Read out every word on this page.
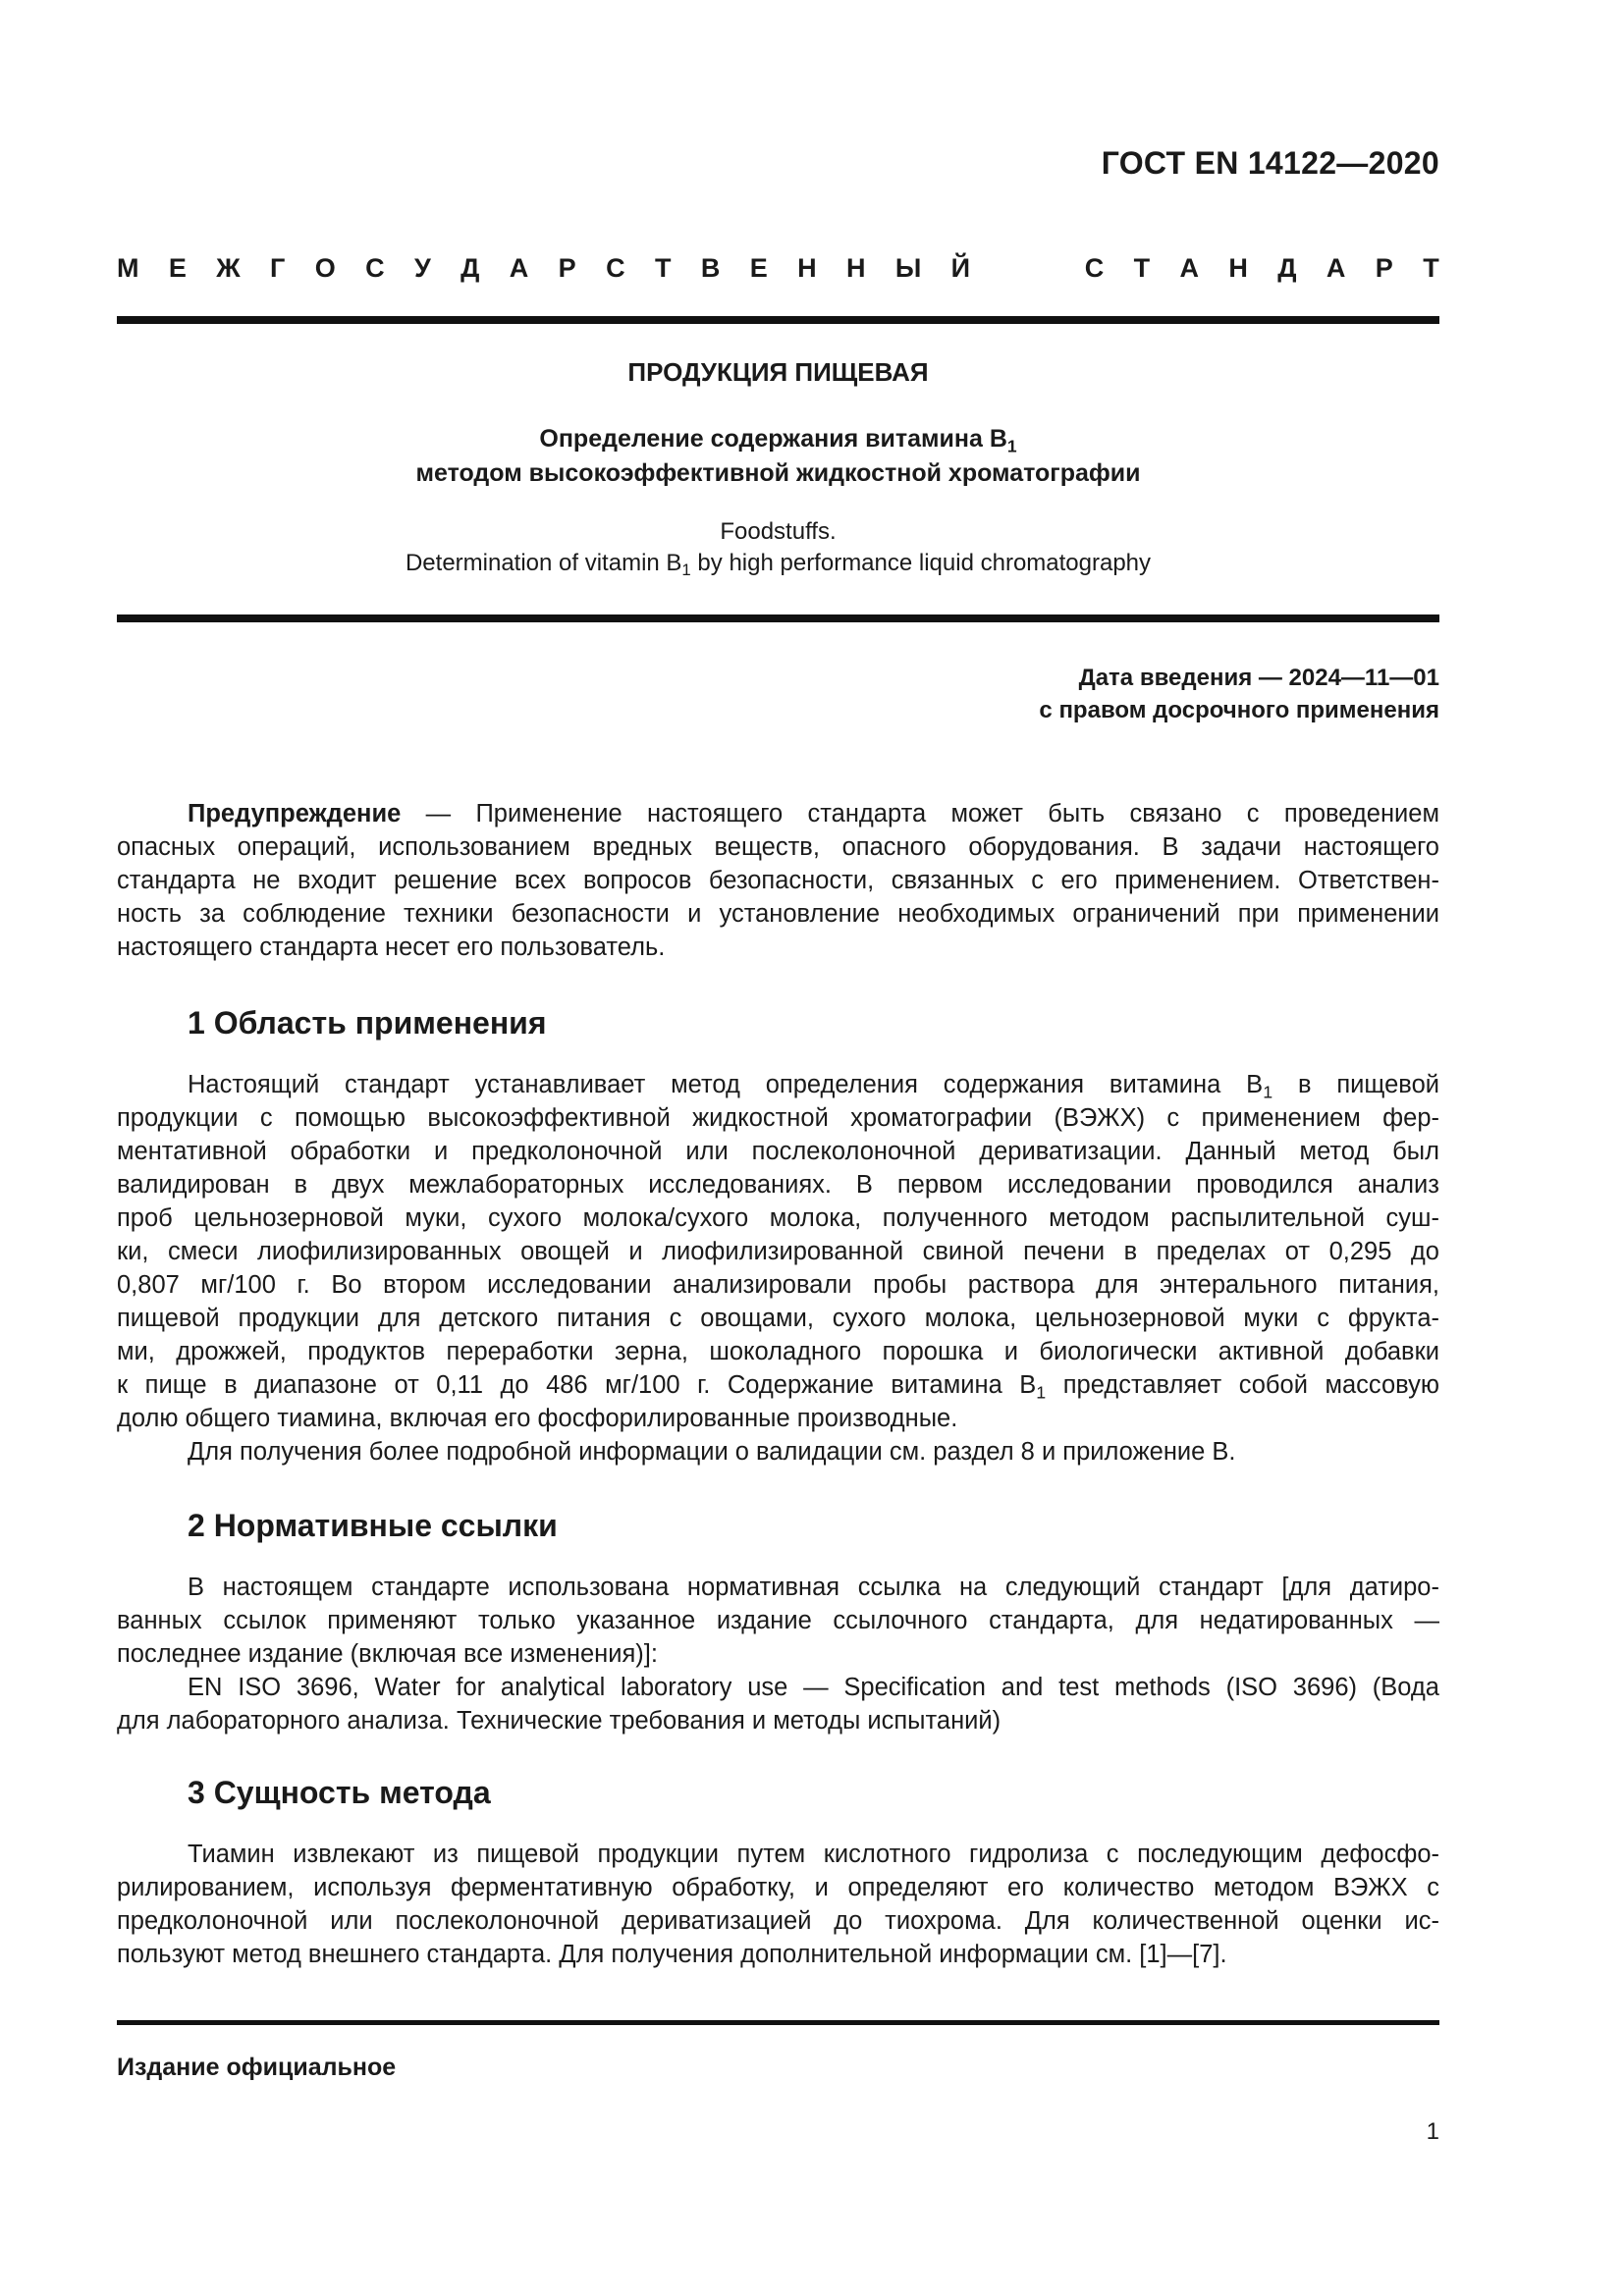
ГОСТ EN 14122—2020
М Е Ж Г О С У Д А Р С Т В Е Н Н Ы Й	С Т А Н Д А Р Т
ПРОДУКЦИЯ ПИЩЕВАЯ
Определение содержания витамина $B_1$
методом высокоэффективной жидкостной хроматографии
Foodstuffs.
Determination of vitamin $B_1$ by high performance liquid chromatography
Дата введения — 2024—11—01
с правом досрочного применения
Предупреждение — Применение настоящего стандарта может быть связано с проведением
опасных операций, использованием вредных веществ, опасного оборудования. В задачи настоящего
стандарта не входит решение всех вопросов безопасности, связанных с его применением. Ответствен-
ность за соблюдение техники безопасности и установление необходимых ограничений при применении
настоящего стандарта несет его пользователь.
1 Область применения
Настоящий стандарт устанавливает метод определения содержания витамина $B_1$ в пищевой
продукции с помощью высокоэффективной жидкостной хроматографии (ВЭЖХ) с применением фер-
ментативной обработки и предколоночной или послеколоночной дериватизации. Данный метод был
валидирован в двух межлабораторных исследованиях. В первом исследовании проводился анализ
проб цельнозерновой муки, сухого молока/сухого молока, полученного методом распылительной суш-
ки, смеси лиофилизированных овощей и лиофилизированной свиной печени в пределах от 0,295 до
0,807 мг/100 г. Во втором исследовании анализировали пробы раствора для энтерального питания,
пищевой продукции для детского питания с овощами, сухого молока, цельнозерновой муки с фрукта-
ми, дрожжей, продуктов переработки зерна, шоколадного порошка и биологически активной добавки
к пище в диапазоне от 0,11 до 486 мг/100 г. Содержание витамина $B_1$ представляет собой массовую
долю общего тиамина, включая его фосфорилированные производные.
Для получения более подробной информации о валидации см. раздел 8 и приложение B.
2 Нормативные ссылки
В настоящем стандарте использована нормативная ссылка на следующий стандарт [для датиро-
ванных ссылок применяют только указанное издание ссылочного стандарта, для недатированных —
последнее издание (включая все изменения)]:
EN ISO 3696, Water for analytical laboratory use — Specification and test methods (ISO 3696) (Вода
для лабораторного анализа. Технические требования и методы испытаний)
3 Сущность метода
Тиамин извлекают из пищевой продукции путем кислотного гидролиза с последующим дефосфо-
рилированием, используя ферментативную обработку, и определяют его количество методом ВЭЖХ с
предколоночной или послеколоночной дериватизацией до тиохрома. Для количественной оценки ис-
пользуют метод внешнего стандарта. Для получения дополнительной информации см. [1]—[7].
Издание официальное
1
